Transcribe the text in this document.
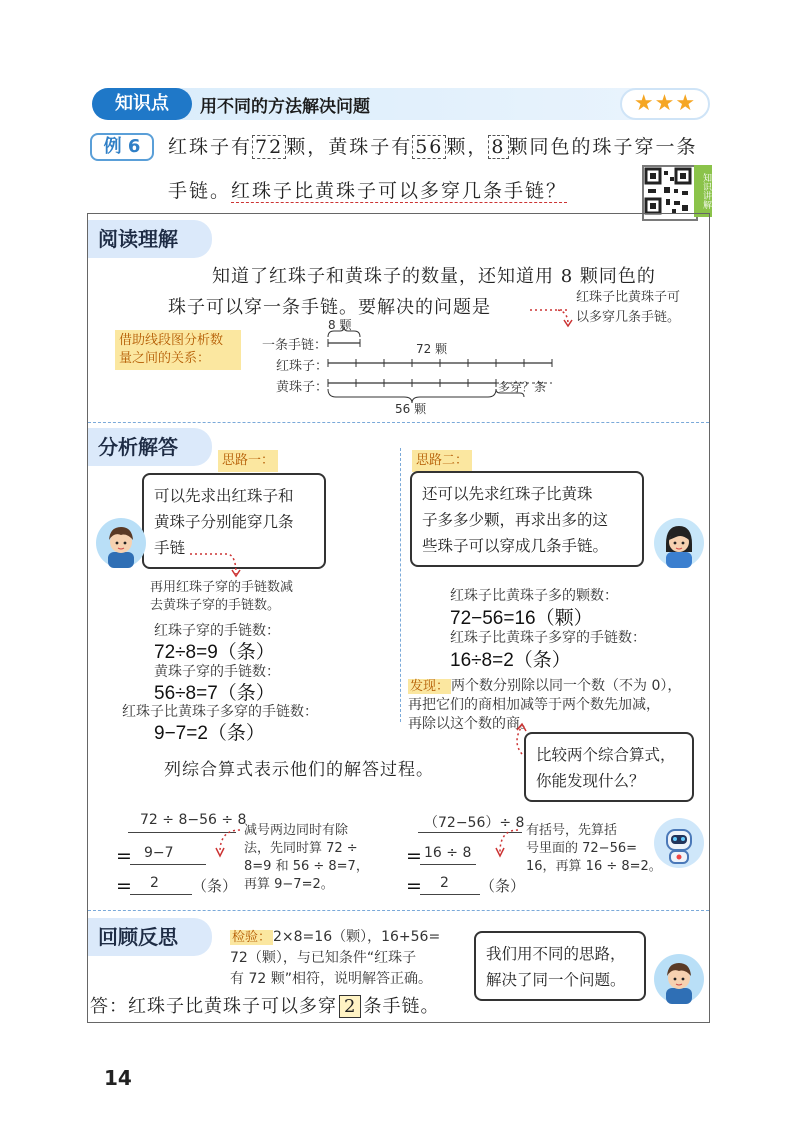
知识点	用不同的方法解决问题	★★★
例 6	红珠子有 72 颗，黄珠子有 56 颗， 8 颗同色的珠子穿一条
手链。红珠子比黄珠子可以多穿几条手链？	知识讲解
阅读理解
知道了红珠子和黄珠子的数量，还知道用 8 颗同色的
珠子可以穿一条手链。要解决的问题是	红珠子比黄珠子可
以多穿几条手链。
借助线段图分析数
量之间的关系：
一条手链：
红珠子：
黄珠子：
8 颗
72 颗
56 颗
多穿？条
分析解答
思路一：	思路二：
可以先求出红珠子和
黄珠子分别能穿几条
手链
再用红珠子穿的手链数减
去黄珠子穿的手链数。
红珠子穿的手链数：
72÷8=9（条）
黄珠子穿的手链数：
56÷8=7（条）
红珠子比黄珠子多穿的手链数：
9−7=2（条）
还可以先求红珠子比黄珠
子多多少颗，再求出多的这
些珠子可以穿成几条手链。
红珠子比黄珠子多的颗数：
72−56=16（颗）
红珠子比黄珠子多穿的手链数：
16÷8=2（条）
发现： 两个数分别除以同一个数（不为 0），
再把它们的商相加减等于两个数先加减，
再除以这个数的商。
列综合算式表示他们的解答过程。
比较两个综合算式，
你能发现什么？
72 ÷ 8−56 ÷ 8
= 9−7
= 2 （条）
减号两边同时有除
法，先同时算 72 ÷
8=9 和 56 ÷ 8=7，
再算 9−7=2。
（72−56）÷ 8
= 16 ÷ 8
= 2 （条）
有括号，先算括
号里面的 72−56=
16，再算 16 ÷ 8=2。
回顾反思	检验： 2×8=16（颗），16+56=
72（颗），与已知条件“红珠子
有 72 颗”相符，说明解答正确。
我们用不同的思路，
解决了同一个问题。
答：红珠子比黄珠子可以多穿 2 条手链。
14
